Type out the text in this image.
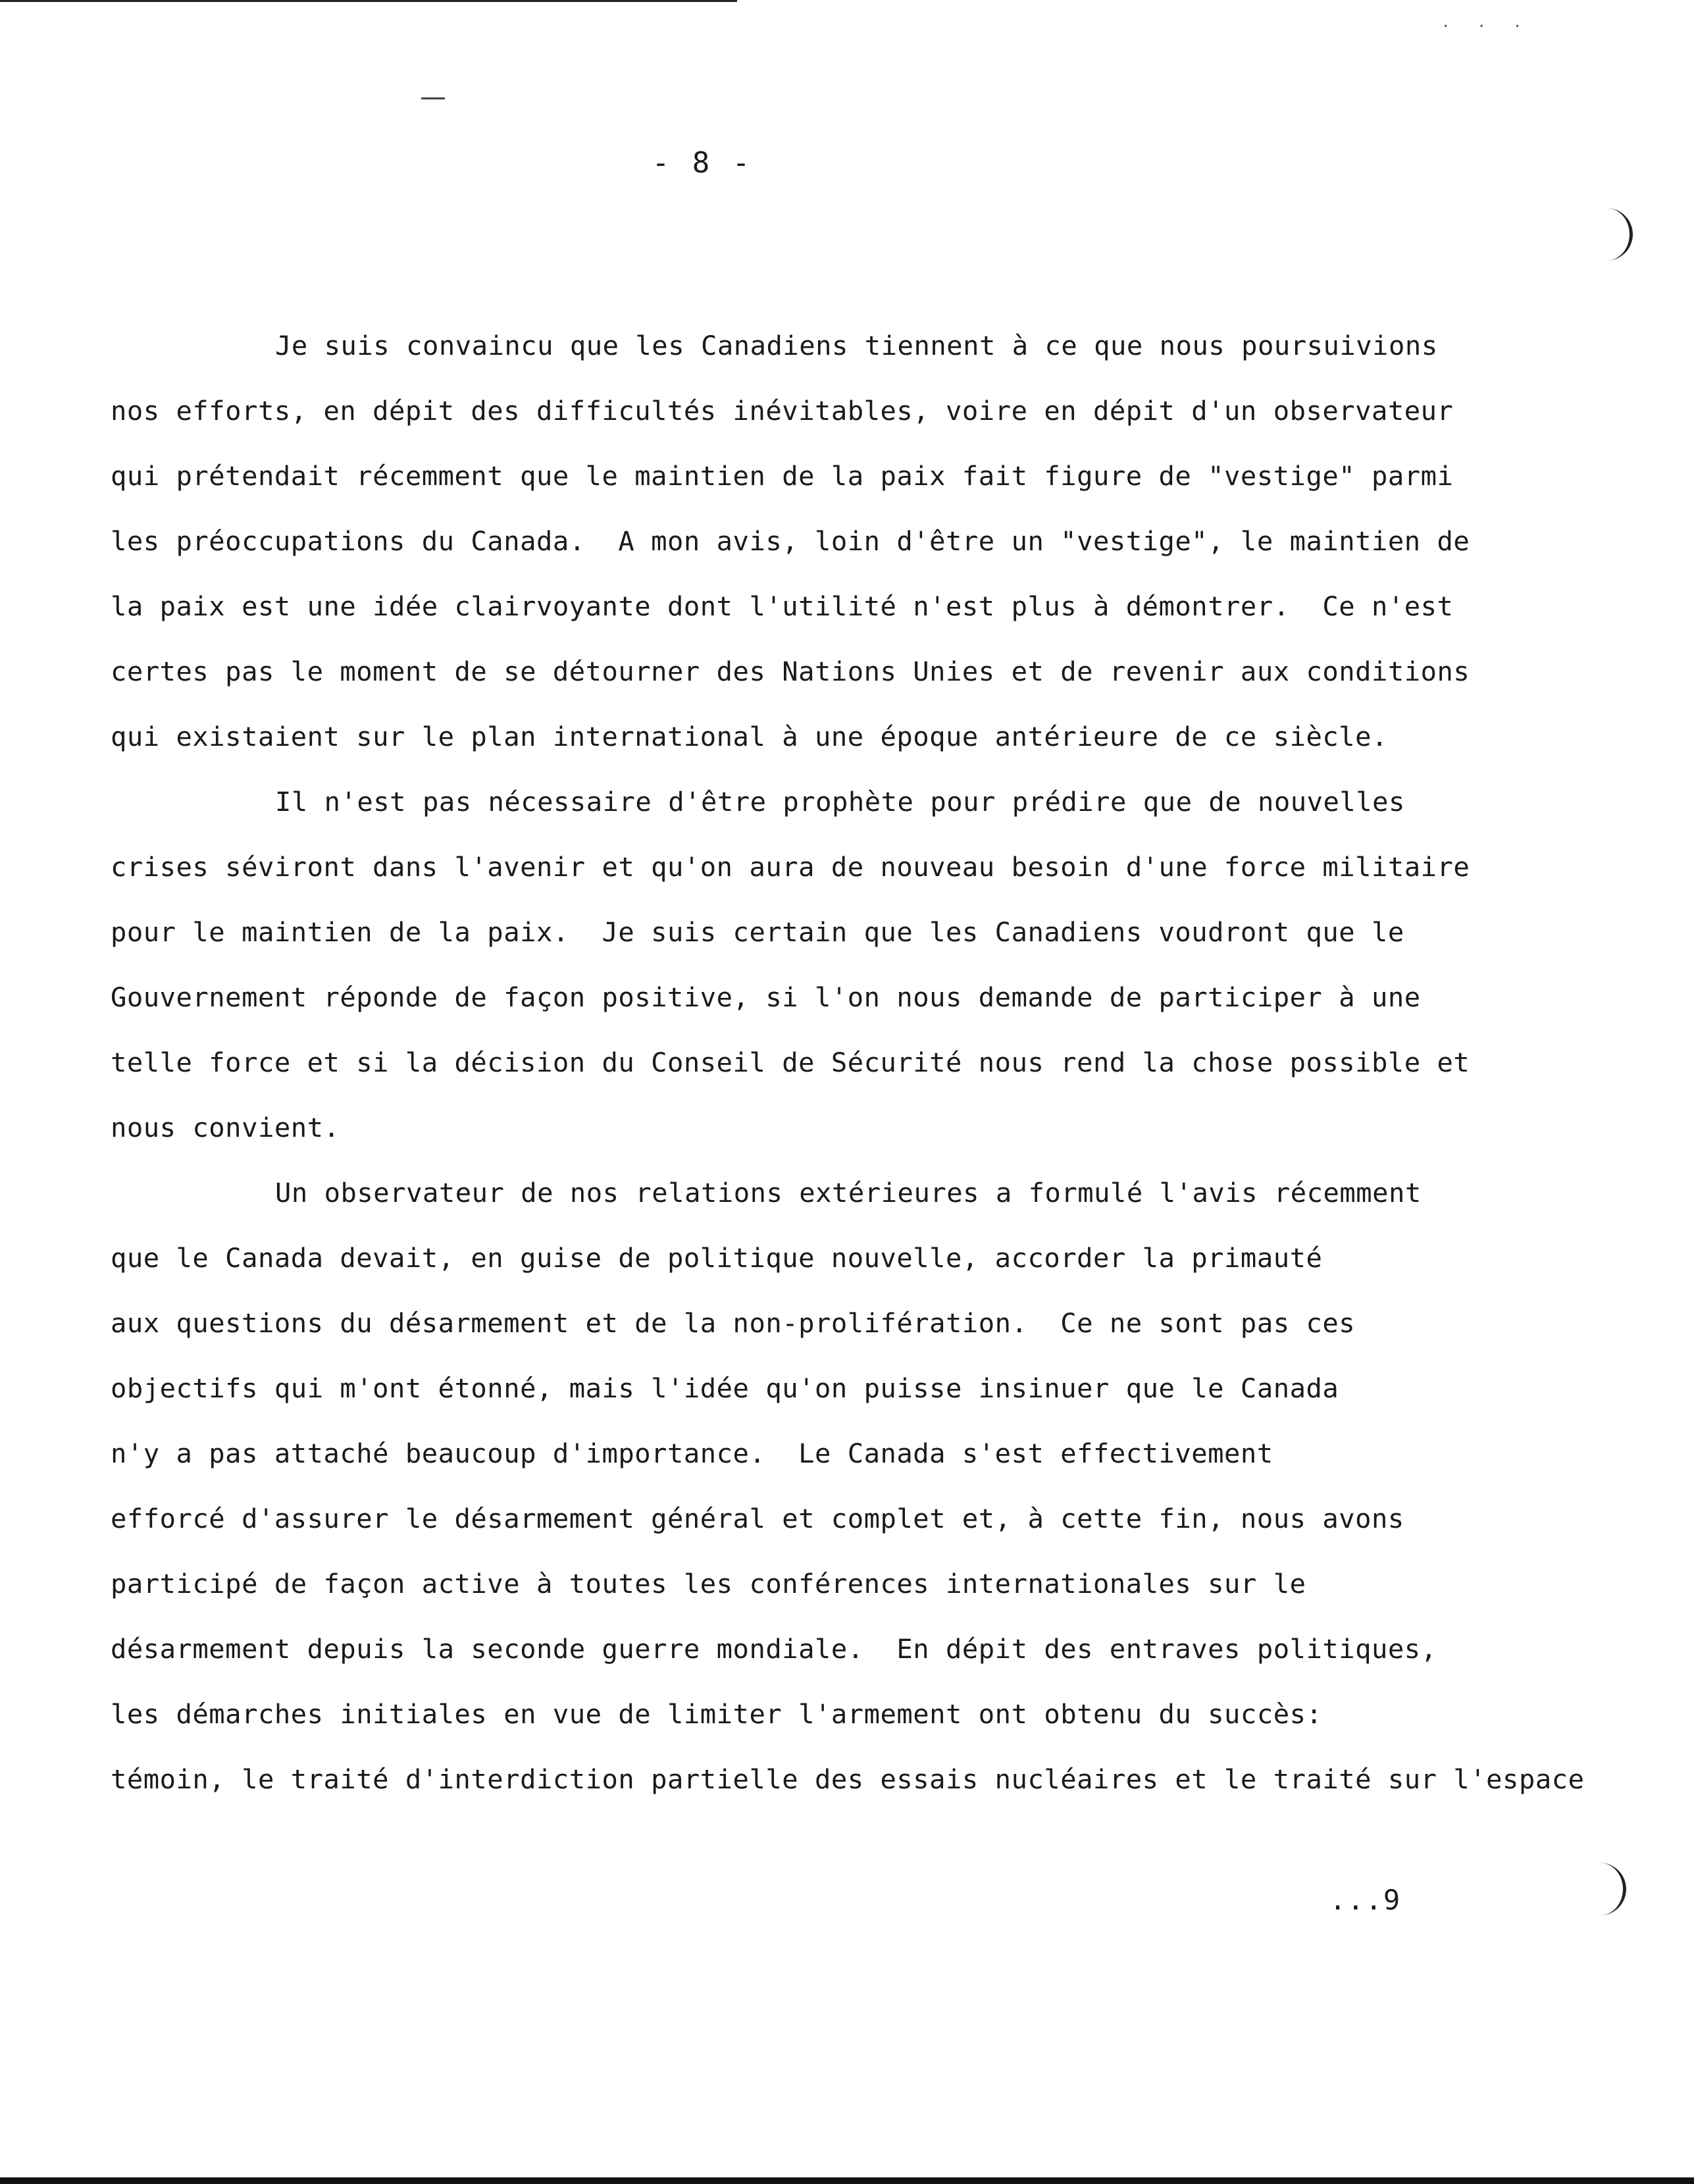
· · ·
- 8 -
Je suis convaincu que les Canadiens tiennent à ce que nous poursuivions
nos efforts, en dépit des difficultés inévitables, voire en dépit d'un observateur
qui prétendait récemment que le maintien de la paix fait figure de "vestige" parmi
les préoccupations du Canada.  A mon avis, loin d'être un "vestige", le maintien de
la paix est une idée clairvoyante dont l'utilité n'est plus à démontrer.  Ce n'est
certes pas le moment de se détourner des Nations Unies et de revenir aux conditions
qui existaient sur le plan international à une époque antérieure de ce siècle.
Il n'est pas nécessaire d'être prophète pour prédire que de nouvelles
crises séviront dans l'avenir et qu'on aura de nouveau besoin d'une force militaire
pour le maintien de la paix.  Je suis certain que les Canadiens voudront que le
Gouvernement réponde de façon positive, si l'on nous demande de participer à une
telle force et si la décision du Conseil de Sécurité nous rend la chose possible et
nous convient.
Un observateur de nos relations extérieures a formulé l'avis récemment
que le Canada devait, en guise de politique nouvelle, accorder la primauté
aux questions du désarmement et de la non-prolifération.  Ce ne sont pas ces
objectifs qui m'ont étonné, mais l'idée qu'on puisse insinuer que le Canada
n'y a pas attaché beaucoup d'importance.  Le Canada s'est effectivement
efforcé d'assurer le désarmement général et complet et, à cette fin, nous avons
participé de façon active à toutes les conférences internationales sur le
désarmement depuis la seconde guerre mondiale.  En dépit des entraves politiques,
les démarches initiales en vue de limiter l'armement ont obtenu du succès:
témoin, le traité d'interdiction partielle des essais nucléaires et le traité sur l'espace
...9
